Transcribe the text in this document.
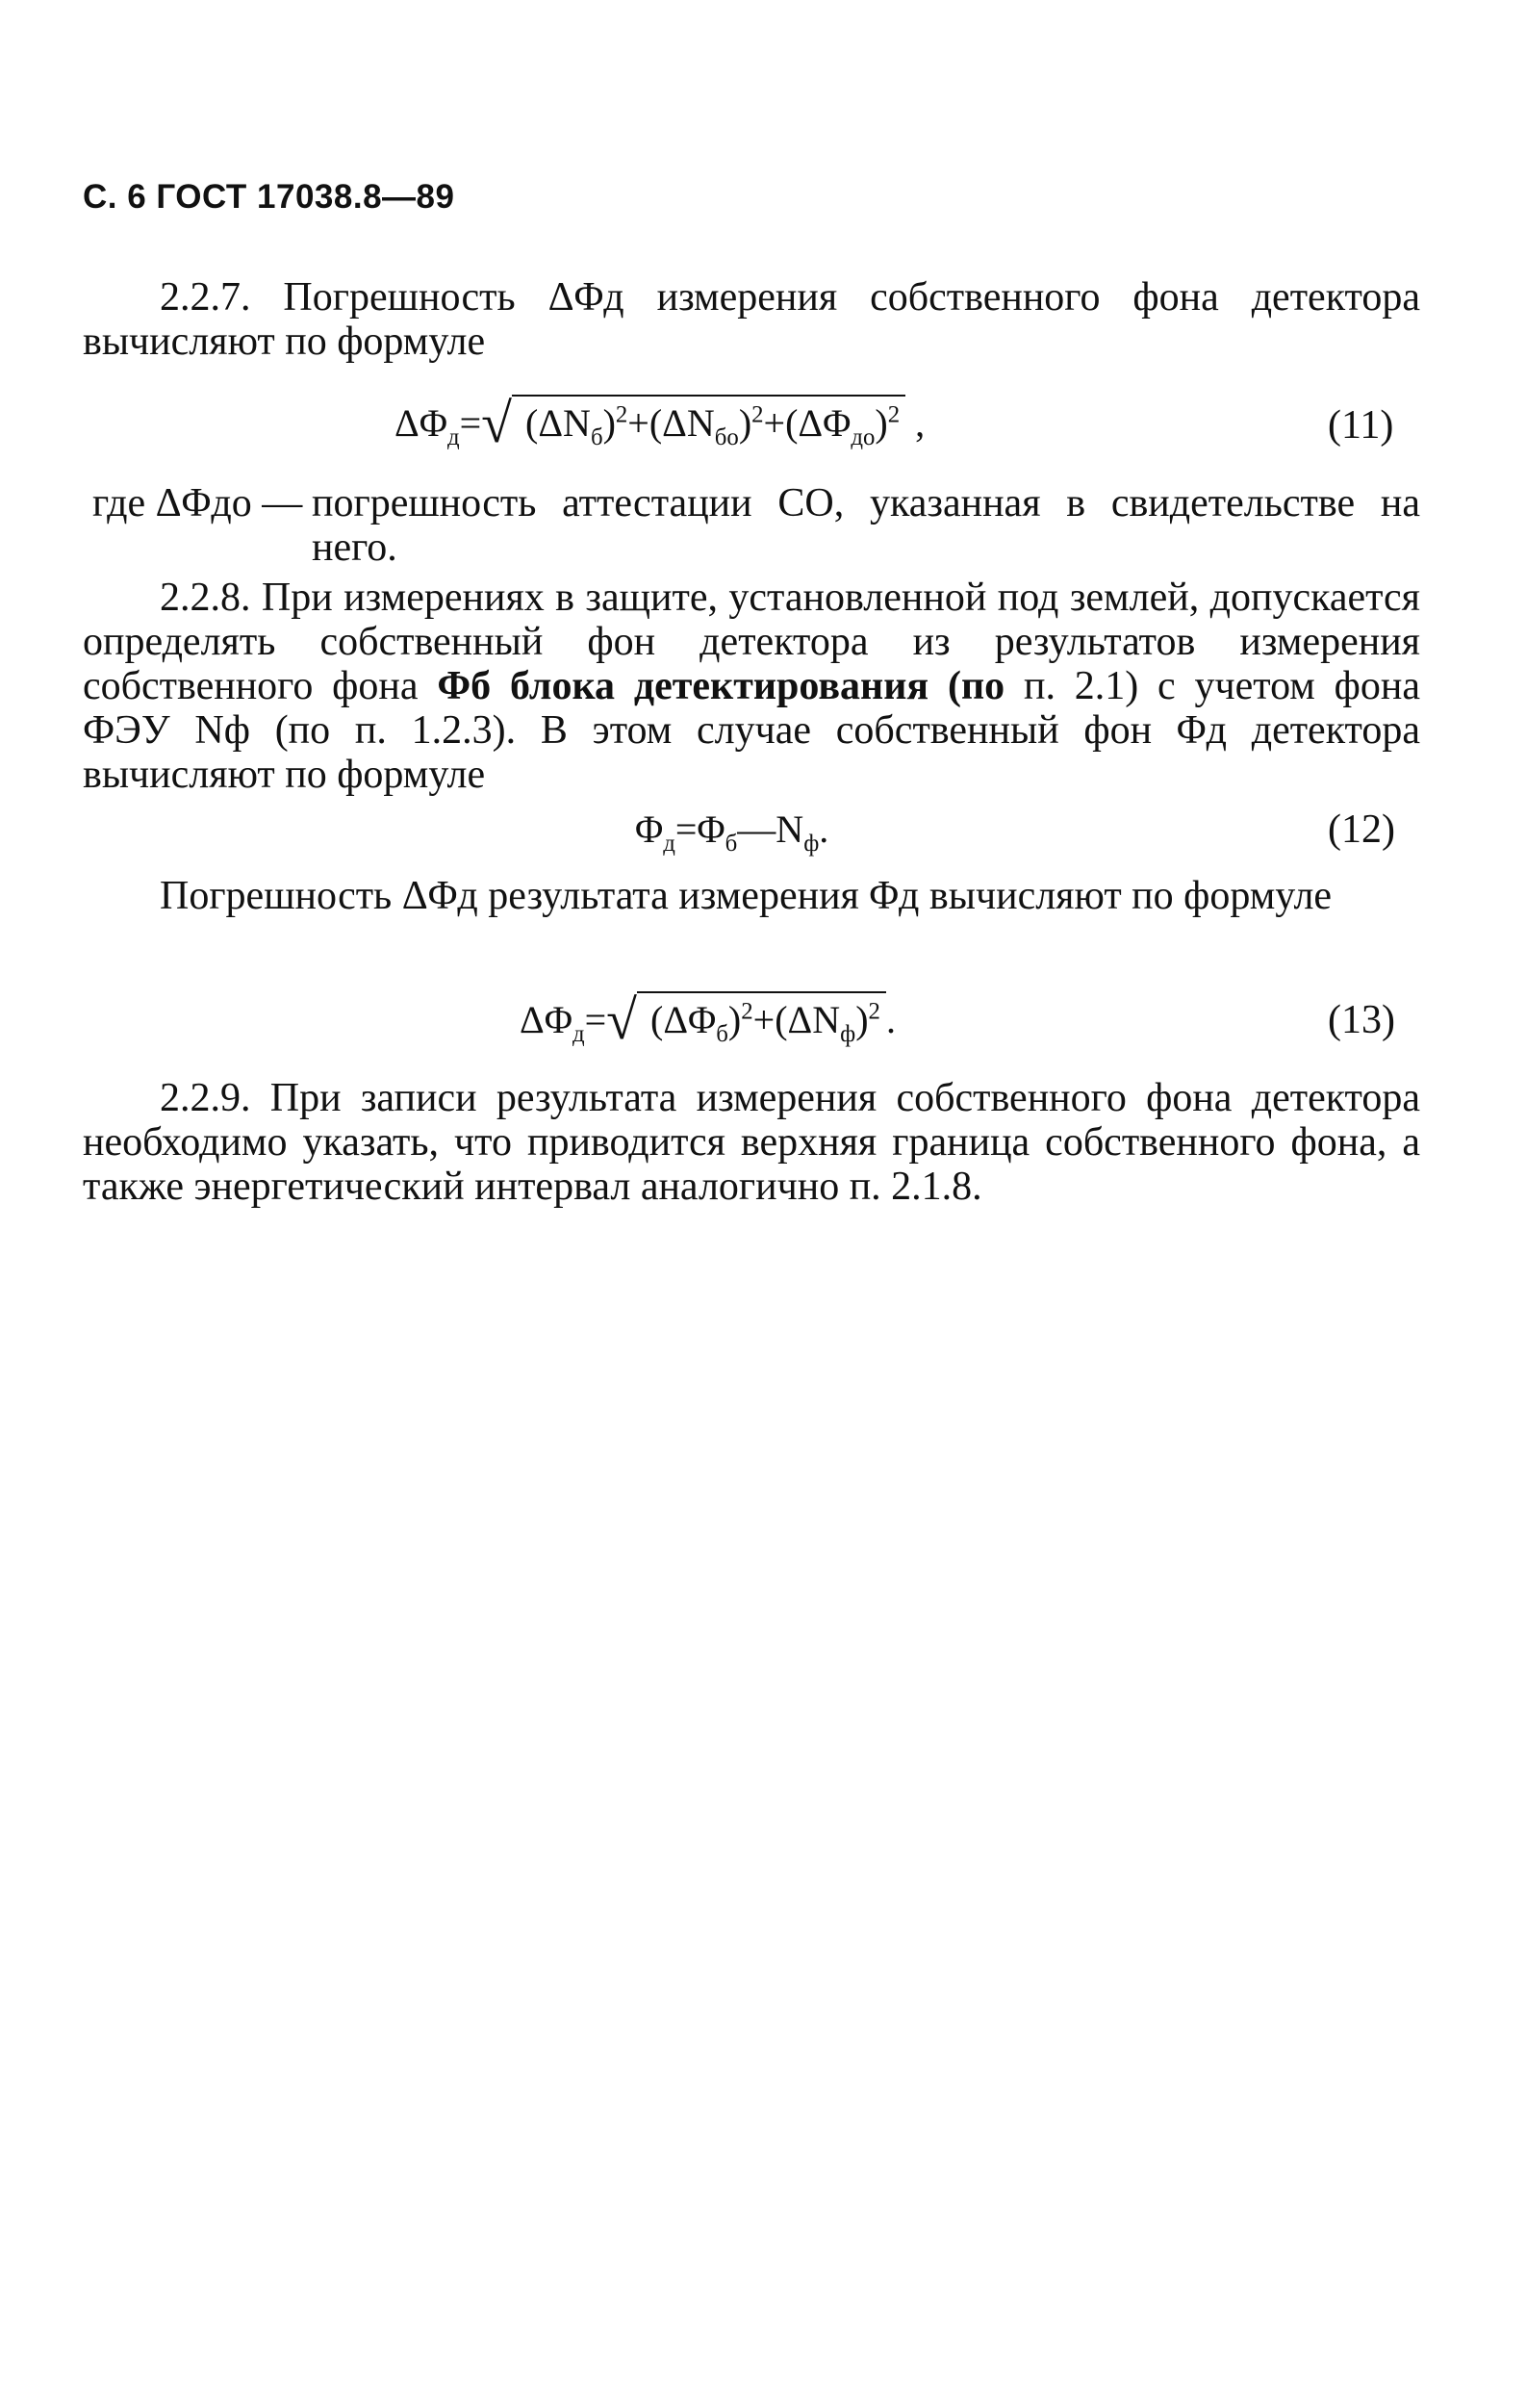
С. 6 ГОСТ 17038.8—89

2.2.7. Погрешность ΔΦд измерения собственного фона детектора вычисляют по формуле

$\Delta\Phi_д=√$ $(\Delta N_б)^2+(\Delta N_{бо})^2+(\Delta\Phi_{до})^2$ ,	(11)
где ΔΦдо — погрешность аттестации СО, указанная в свидетельстве на него.

2.2.8. При измерениях в защите, установленной под землей, допускается определять собственный фон детектора из результатов измерения собственного фона Φб блока детектирования (по п. 2.1) с учетом фона ФЭУ Nф (по п. 1.2.3). В этом случае собственный фон Φд детектора вычисляют по формуле

$\Phi_д=\Phi_б—N_ф$.	(12)

Погрешность ΔΦд результата измерения Φд вычисляют по формуле

$\Delta\Phi_д=√$ $(\Delta\Phi_б)^2+(\Delta N_ф)^2$ .	(13)

2.2.9. При записи результата измерения собственного фона детектора необходимо указать, что приводится верхняя граница собственного фона, а также энергетический интервал аналогично п. 2.1.8.
